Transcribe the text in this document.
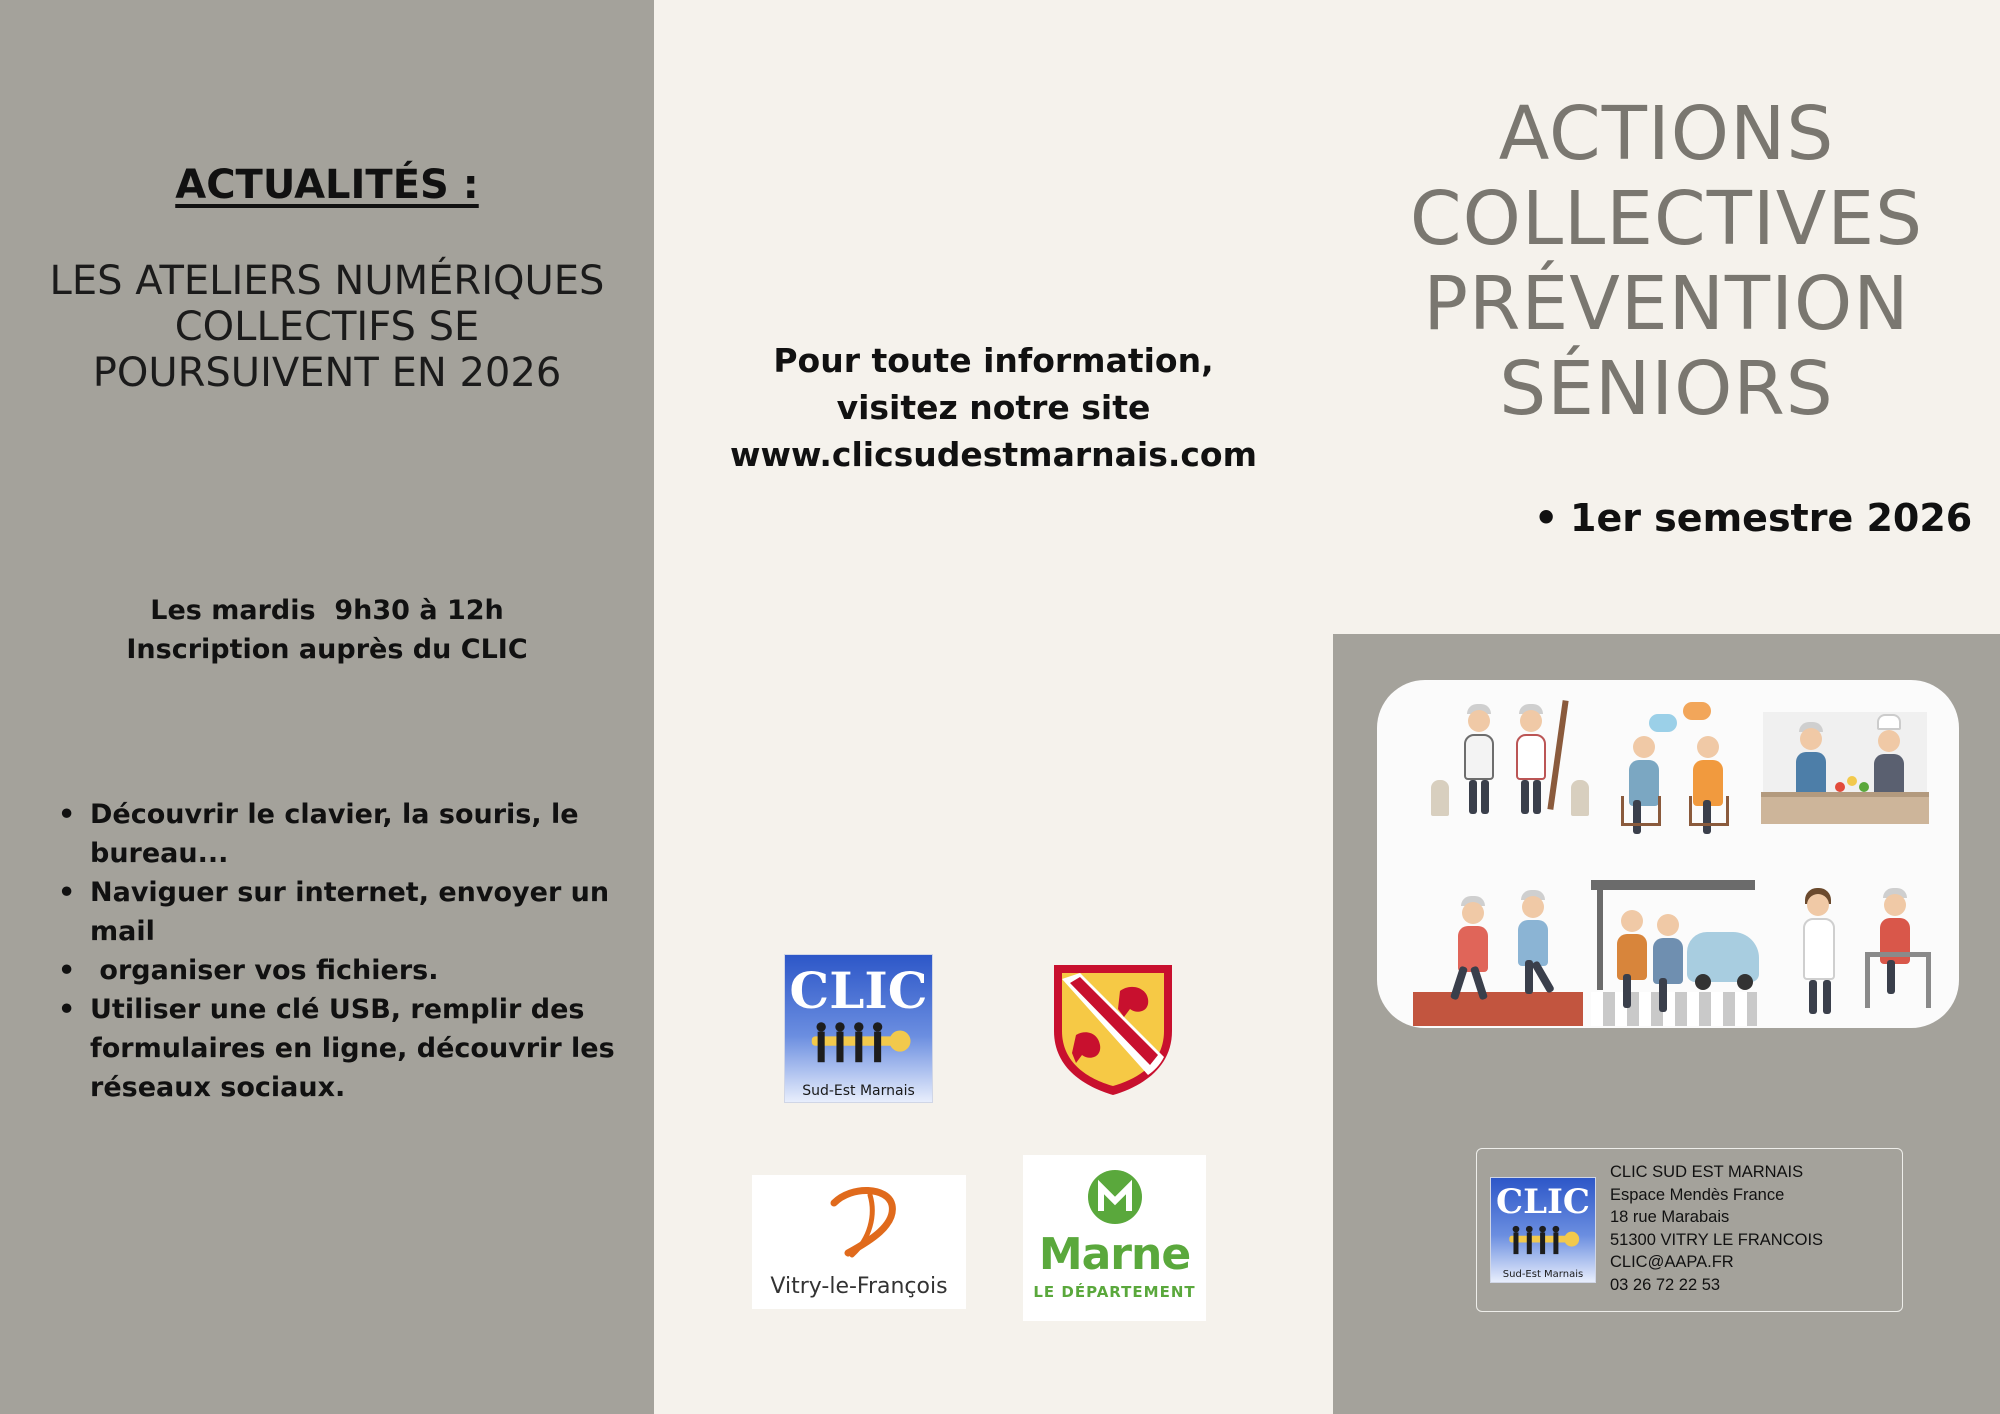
ACTUALITÉS :
LES ATELIERS NUMÉRIQUES
COLLECTIFS SE
POURSUIVENT EN 2026
Les mardis  9h30 à 12h
Inscription auprès du CLIC
• Découvrir le clavier, la souris, le bureau...
• Naviguer sur internet, envoyer un mail
•  organiser vos fichiers.
• Utiliser une clé USB, remplir des formulaires en ligne, découvrir les réseaux sociaux.
Pour toute information,
visitez notre site
www.clicsudestmarnais.com
CLIC
Sud-Est Marnais
Vitry-le-François
Marne
LE DÉPARTEMENT
ACTIONS
COLLECTIVES
PRÉVENTION
SÉNIORS
• 1er semestre 2026
CLIC
Sud-Est Marnais
CLIC SUD EST MARNAIS
Espace Mendès France
18 rue Marabais
51300 VITRY LE FRANCOIS
CLIC@AAPA.FR
03 26 72 22 53
